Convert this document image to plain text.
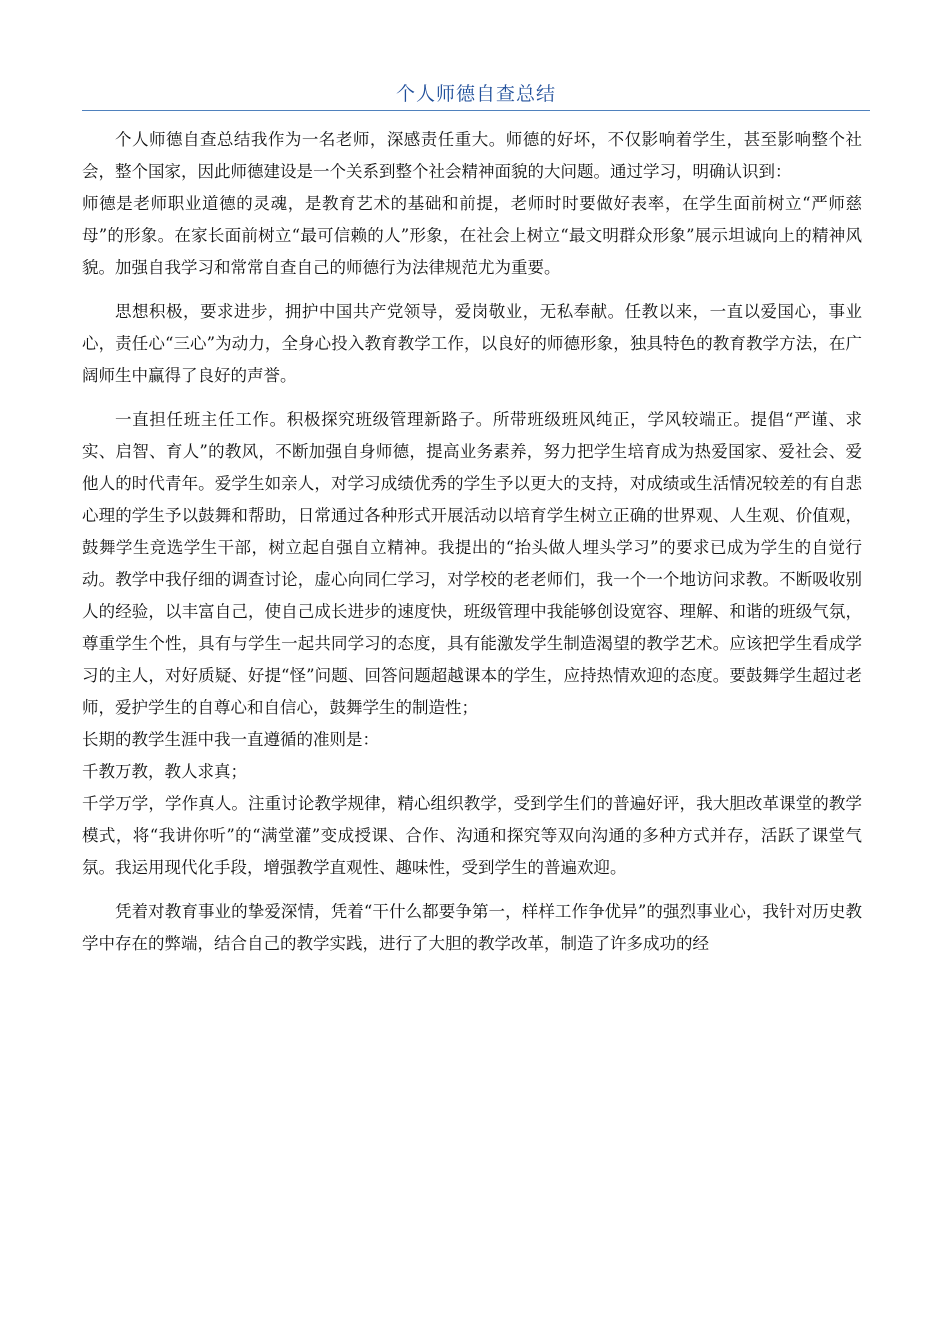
个人师德自查总结

个人师德自查总结我作为一名老师，深感责任重大。师德的好坏，不仅影响着学生，甚至影响整个社会，整个国家，因此师德建设是一个关系到整个社会精神面貌的大问题。通过学习，明确认识到：

师德是老师职业道德的灵魂，是教育艺术的基础和前提，老师时时要做好表率，在学生面前树立“严师慈母”的形象。在家长面前树立“最可信赖的人”形象，在社会上树立“最文明群众形象”展示坦诚向上的精神风貌。加强自我学习和常常自查自己的师德行为法律规范尤为重要。

思想积极，要求进步，拥护中国共产党领导，爱岗敬业，无私奉献。任教以来，一直以爱国心，事业心，责任心“三心”为动力，全身心投入教育教学工作，以良好的师德形象，独具特色的教育教学方法，在广阔师生中赢得了良好的声誉。

一直担任班主任工作。积极探究班级管理新路子。所带班级班风纯正，学风较端正。提倡“严谨、求实、启智、育人”的教风，不断加强自身师德，提高业务素养，努力把学生培育成为热爱国家、爱社会、爱他人的时代青年。爱学生如亲人，对学习成绩优秀的学生予以更大的支持，对成绩或生活情况较差的有自悲心理的学生予以鼓舞和帮助，日常通过各种形式开展活动以培育学生树立正确的世界观、人生观、价值观，鼓舞学生竞选学生干部，树立起自强自立精神。我提出的“抬头做人埋头学习”的要求已成为学生的自觉行动。教学中我仔细的调查讨论，虚心向同仁学习，对学校的老老师们，我一个一个地访问求教。不断吸收别人的经验，以丰富自己，使自己成长进步的速度快，班级管理中我能够创设宽容、理解、和谐的班级气氛，尊重学生个性，具有与学生一起共同学习的态度，具有能激发学生制造渴望的教学艺术。应该把学生看成学习的主人，对好质疑、好提“怪”问题、回答问题超越课本的学生，应持热情欢迎的态度。要鼓舞学生超过老师，爱护学生的自尊心和自信心，鼓舞学生的制造性；

长期的教学生涯中我一直遵循的准则是：

千教万教，教人求真；

千学万学，学作真人。注重讨论教学规律，精心组织教学，受到学生们的普遍好评，我大胆改革课堂的教学模式，将“我讲你听”的“满堂灌”变成授课、合作、沟通和探究等双向沟通的多种方式并存，活跃了课堂气氛。我运用现代化手段，增强教学直观性、趣味性，受到学生的普遍欢迎。

凭着对教育事业的挚爱深情，凭着“干什么都要争第一，样样工作争优异”的强烈事业心，我针对历史教学中存在的弊端，结合自己的教学实践，进行了大胆的教学改革，制造了许多成功的经
